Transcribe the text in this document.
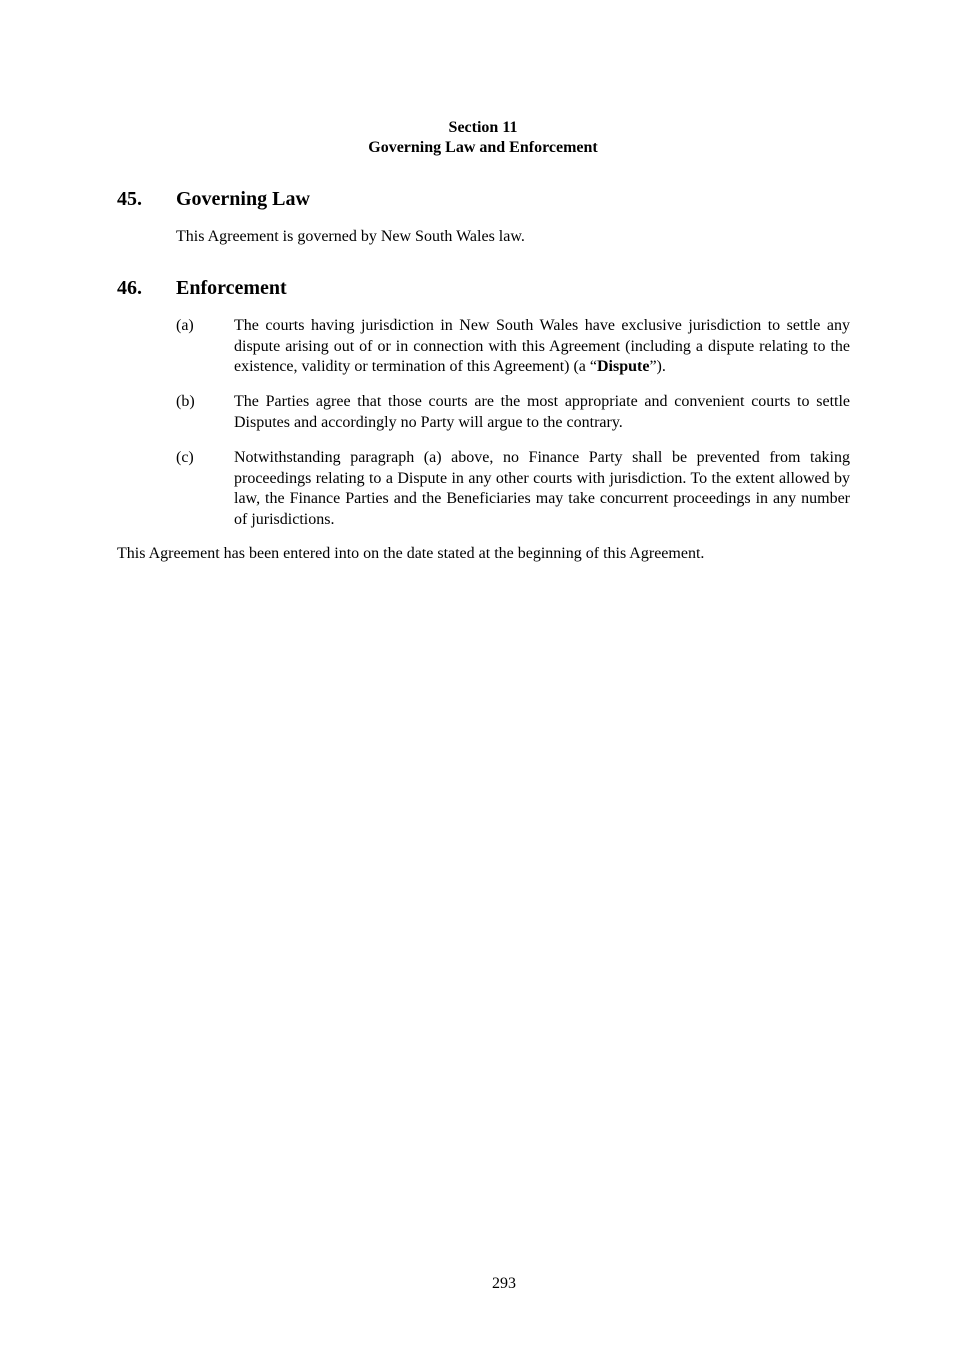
Section 11
Governing Law and Enforcement
45. Governing Law
This Agreement is governed by New South Wales law.
46. Enforcement
(a)	The courts having jurisdiction in New South Wales have exclusive jurisdiction to settle any dispute arising out of or in connection with this Agreement (including a dispute relating to the existence, validity or termination of this Agreement) (a “Dispute”).
(b) The Parties agree that those courts are the most appropriate and convenient courts to settle Disputes and accordingly no Party will argue to the contrary.
(c)	Notwithstanding paragraph (a) above, no Finance Party shall be prevented from taking proceedings relating to a Dispute in any other courts with jurisdiction. To the extent allowed by law, the Finance Parties and the Beneficiaries may take concurrent proceedings in any number of jurisdictions.
This Agreement has been entered into on the date stated at the beginning of this Agreement.
293
